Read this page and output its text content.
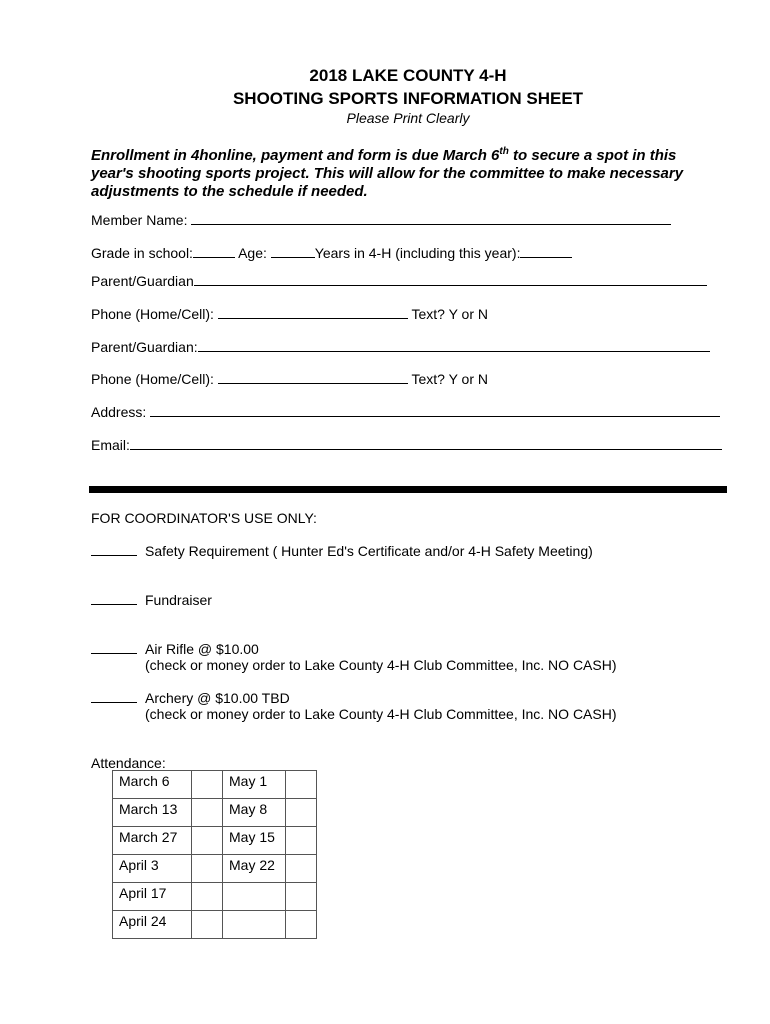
2018 LAKE COUNTY 4-H
SHOOTING SPORTS INFORMATION SHEET
Please Print Clearly
Enrollment in 4honline, payment and form is due March 6th to secure a spot in this year's shooting sports project. This will allow for the committee to make necessary adjustments to the schedule if needed.
Member Name:
Grade in school:	Age:	Years in 4-H (including this year):
Parent/Guardian
Phone (Home/Cell):	Text? Y or N
Parent/Guardian:
Phone (Home/Cell):	Text? Y or N
Address:
Email:
FOR COORDINATOR'S USE ONLY:
Safety Requirement ( Hunter Ed's Certificate and/or 4-H Safety Meeting)
Fundraiser
Air Rifle @ $10.00
(check or money order to Lake County 4-H Club Committee, Inc. NO CASH)
Archery @ $10.00 TBD
(check or money order to Lake County 4-H Club Committee, Inc. NO CASH)
Attendance:
March 6		May 1	
March 13		May 8	
March 27		May 15	
April 3		May 22	
April 17			
April 24			
